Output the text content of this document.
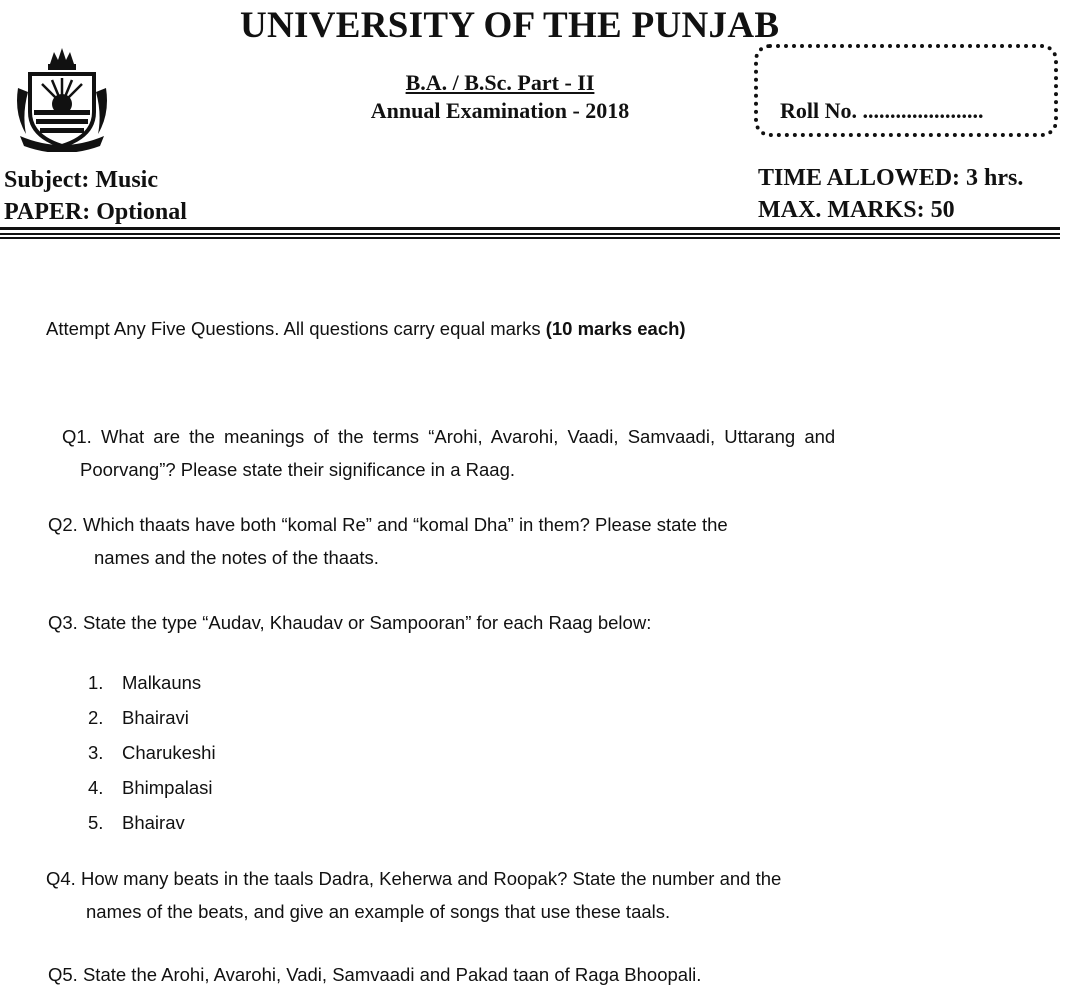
UNIVERSITY OF THE PUNJAB
B.A. / B.Sc. Part - II
Annual Examination - 2018	Roll No. ......................
Subject: Music
PAPER: Optional
TIME ALLOWED: 3 hrs.
MAX. MARKS: 50
Attempt Any Five Questions. All questions carry equal marks (10 marks each)
Q1. What are the meanings of the terms “Arohi, Avarohi, Vaadi, Samvaadi, Uttarang and
Poorvang”? Please state their significance in a Raag.
Q2. Which thaats have both “komal Re” and “komal Dha” in them? Please state the
names and the notes of the thaats.
Q3. State the type “Audav, Khaudav or Sampooran” for each Raag below:
1. Malkauns
2. Bhairavi
3. Charukeshi
4. Bhimpalasi
5. Bhairav
Q4. How many beats in the taals Dadra, Keherwa and Roopak? State the number and the
names of the beats, and give an example of songs that use these taals.
Q5. State the Arohi, Avarohi, Vadi, Samvaadi and Pakad taan of Raga Bhoopali.
